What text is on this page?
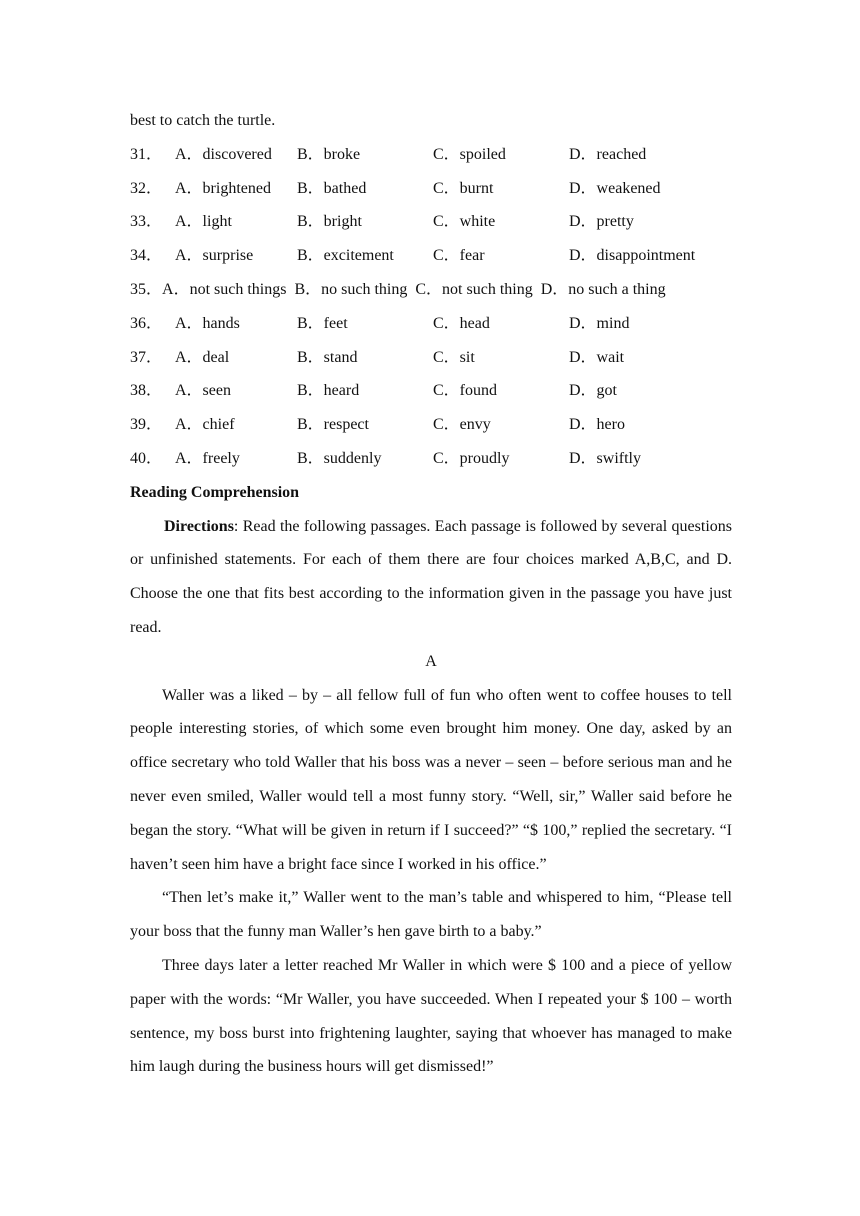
best to catch the turtle.
31． A．discovered B．broke	C．spoiled	D．reached
32． A．brightened B．bathed	C．burnt	D．weakened
33． A．light	B．bright	C．white	D．pretty
34． A．surprise	B．excitement C．fear	D．disappointment
35．A．not such things B．no such thing C．not such thing D．no such a thing
36． A．hands	B．feet	C．head	D．mind
37． A．deal	B．stand	C．sit	D．wait
38． A．seen	B．heard	C．found	D．got
39． A．chief	B．respect	C．envy	D．hero
40． A．freely	B．suddenly	C．proudly	D．swiftly
Reading Comprehension

Directions: Read the following passages. Each passage is followed by several questions or unfinished statements. For each of them there are four choices marked A,B,C, and D. Choose the one that fits best according to the information given in the passage you have just read.

A

Waller was a liked – by – all fellow full of fun who often went to coffee houses to tell people interesting stories, of which some even brought him money. One day, asked by an office secretary who told Waller that his boss was a never – seen – before serious man and he never even smiled, Waller would tell a most funny story. “Well, sir,” Waller said before he began the story. “What will be given in return if I succeed?” “$ 100,” replied the secretary. “I haven’t seen him have a bright face since I worked in his office.”

“Then let’s make it,” Waller went to the man’s table and whispered to him, “Please tell your boss that the funny man Waller’s hen gave birth to a baby.”

Three days later a letter reached Mr Waller in which were $ 100 and a piece of yellow paper with the words: “Mr Waller, you have succeeded. When I repeated your $ 100 – worth sentence, my boss burst into frightening laughter, saying that whoever has managed to make him laugh during the business hours will get dismissed!”
